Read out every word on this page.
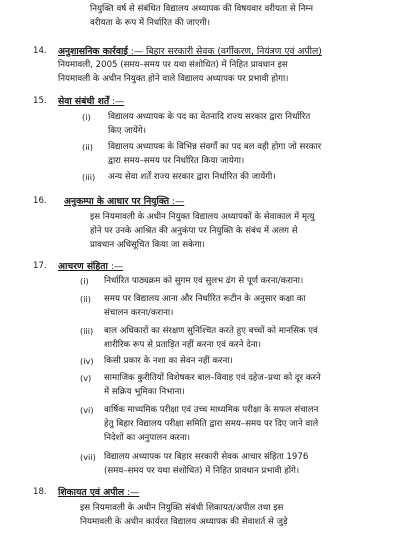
नियुक्ति वर्ष से संबंधित विद्यालय अध्यापक की विषयवार वरीयता से निम्न
वरीयता के रूप में निर्धारित की जाएगी।
14. अनुशासनिक कार्रवाई :— बिहार सरकारी सेवक (वर्गीकरण, नियंत्रण एवं अपील)
नियमावली, 2005 (समय–समय पर यथा संशोधित) में निहित प्रावधान इस
नियमावली के अधीन नियुक्त होने वाले विद्यालय अध्यापक पर प्रभावी होगा।
15. सेवा संबंधी शर्तें :—
(i) विद्यालय अध्यापक के पद का वेतनादि राज्य सरकार द्वारा निर्धारित
किए जायेंगे।
(ii) विद्यालय अध्यापक के विभिन्न संवर्गों का पद बल वही होगा जो सरकार
द्वारा समय–समय पर निर्धारित किया जायेगा।
(iii) अन्य सेवा शर्तें राज्य सरकार द्वारा निर्धारित की जायेंगी।
16. अनुकम्पा के आधार पर नियुक्ति :—
इस नियमावली के अधीन नियुक्त विद्यालय अध्यापकों के सेवाकाल में मृत्यु
होने पर उनके आश्रित की अनुकंपा पर नियुक्ति के संबंध में अलग से
प्रावधान अधिसूचित किया जा सकेगा।
17. आचरण संहिता :—
(i) निर्धारित पाठ्यक्रम को सुगम एवं सुलभ ढंग से पूर्ण करना/कराना।
(ii) समय पर विद्यालय आना और निर्धारित रूटीन के अनुसार कक्षा का
संचालन करना/कराना।
(iii) बाल अधिकारों का संरक्षण सुनिश्चित करते हुए बच्चों को मानसिक एवं
शारीरिक रूप से प्रताड़ित नहीं करना एवं करने देना।
(iv) किसी प्रकार के नशा का सेवन नहीं करना।
(v) सामाजिक कुरीतियों विशेषकर बाल–विवाह एवं दहेज–प्रथा को दूर करने
में सक्रिय भूमिका निभाना।
(vi) वार्षिक माध्यमिक परीक्षा एवं उच्च माध्यमिक परीक्षा के सफल संचालन
हेतु बिहार विद्यालय परीक्षा समिति द्वारा समय–समय पर दिए जाने वाले
निदेशों का अनुपालन करना।
(vii) विद्यालय अध्यापक पर बिहार सरकारी सेवक आचार संहिता 1976
(समय–समय पर यथा संशोधित) में निहित प्रावधान प्रभावी होंगे।
18. शिकायत एवं अपील :—
इस नियमावली के अधीन नियुक्ति संबंधी शिकायत/अपील तथा इस
नियमावली के अधीन कार्यरत विद्यालय अध्यापक की सेवाशर्त से जुड़े
